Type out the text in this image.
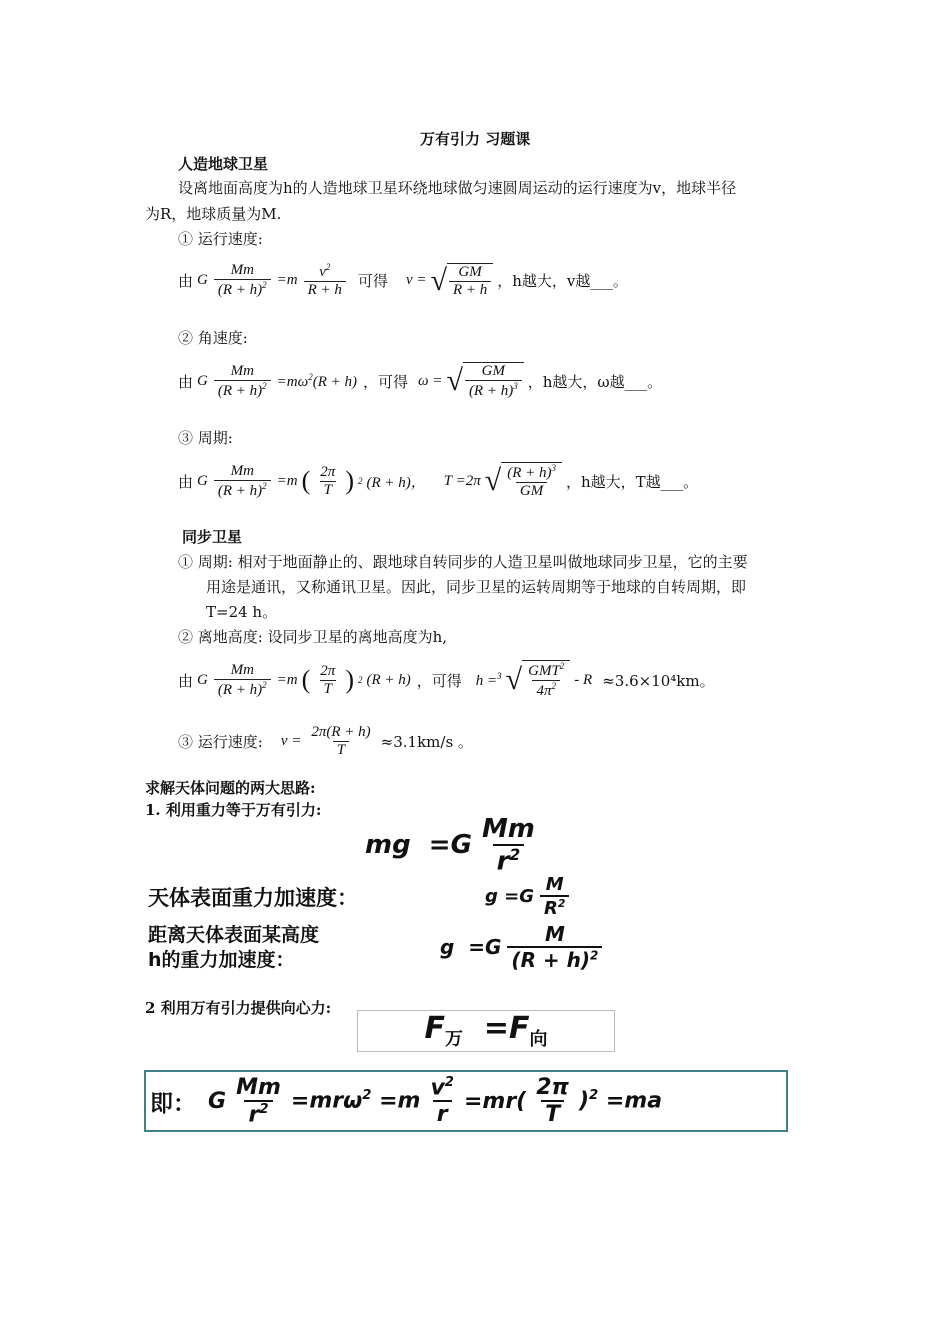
万有引力 习题课
人造地球卫星
设离地面高度为h的人造地球卫星环绕地球做匀速圆周运动的运行速度为v，地球半径
为R，地球质量为M.
① 运行速度:
由 G $\frac{Mm}{(R + h)^2} =m \frac{v^2}{R + h}$ 可得 v = √ $\frac{GM}{R + h}$ ，h越大，v越___。
② 角速度:
由 G $\frac{Mm}{(R + h)^2} =m\omega^2(R + h)$ ，可得 ω = √ $\frac{GM}{(R + h)^3}$ ，h越大，ω越___。
③ 周期:
由 G $\frac{Mm}{(R + h)^2} =m$ ( $\frac{2\pi}{T}$ ) 2 (R + h)， T =2π √ $\frac{(R + h)^3}{GM}$ ，h越大，T越___。
同步卫星
① 周期: 相对于地面静止的、跟地球自转同步的人造卫星叫做地球同步卫星，它的主要
用途是通讯，又称通讯卫星。因此，同步卫星的运转周期等于地球的自转周期，即
T=24 h。
② 离地高度: 设同步卫星的离地高度为h,
由 G $\frac{Mm}{(R + h)^2} =m$ ( $\frac{2\pi}{T}$ ) 2 (R + h) ，可得 h =$^3$ √ $\frac{GMT^2}{4\pi^2} - R \approx 3.6\times 10^4km$。
③ 运行速度: $v = \frac{2\pi(R + h)}{T} \approx 3.1km/s$ 。
求解天体问题的两大思路:
1. 利用重力等于万有引力:
mg  $=G \frac{Mm}{r^2}$
天体表面重力加速度：	$g =G \frac{M}{R^2}$
距离天体表面某高度
h的重力加速度：
$g =G \frac{M}{(R + h)^2}$
2 利用万有引力提供向心力:
$F_万 =F_向$
即： G $\frac{Mm}{r^2} =mr\omega^2 =m \frac{v^2}{r} =mr( \frac{2\pi}{T} )^2 =ma$
